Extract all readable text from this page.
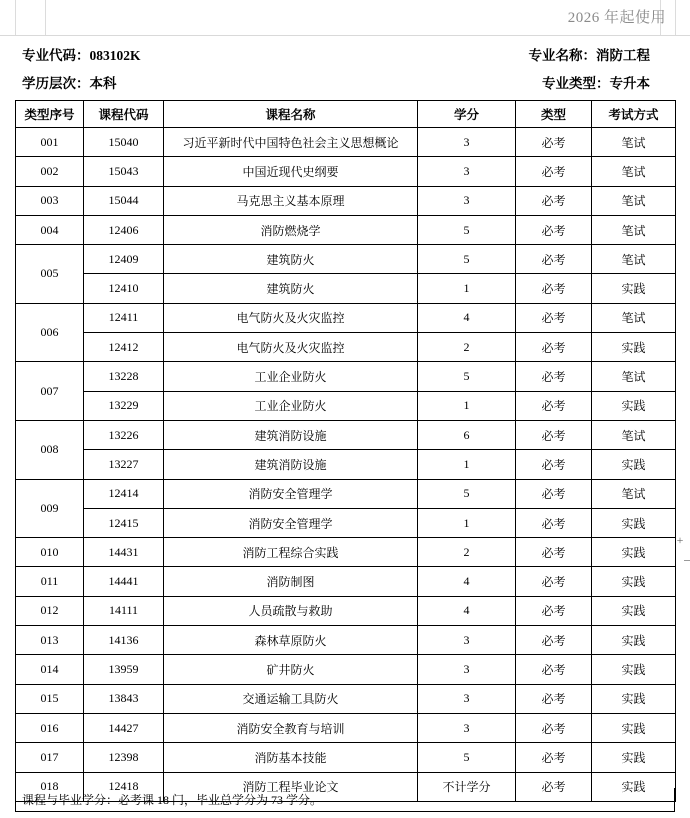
2026 年起使用
专业代码：083102K	专业名称：消防工程
学历层次：本科	专业类型：专升本
类型序号	课程代码	课程名称	学分	类型	考试方式
001	15040	习近平新时代中国特色社会主义思想概论	3	必考	笔试
002	15043	中国近现代史纲要	3	必考	笔试
003	15044	马克思主义基本原理	3	必考	笔试
004	12406	消防燃烧学	5	必考	笔试
005	12409	建筑防火	5	必考	笔试
	12410	建筑防火	1	必考	实践
006	12411	电气防火及火灾监控	4	必考	笔试
	12412	电气防火及火灾监控	2	必考	实践
007	13228	工业企业防火	5	必考	笔试
	13229	工业企业防火	1	必考	实践
008	13226	建筑消防设施	6	必考	笔试
	13227	建筑消防设施	1	必考	实践
009	12414	消防安全管理学	5	必考	笔试
	12415	消防安全管理学	1	必考	实践
010	14431	消防工程综合实践	2	必考	实践
011	14441	消防制图	4	必考	实践
012	14111	人员疏散与救助	4	必考	实践
013	14136	森林草原防火	3	必考	实践
014	13959	矿井防火	3	必考	实践
015	13843	交通运输工具防火	3	必考	实践
016	14427	消防安全教育与培训	3	必考	实践
017	12398	消防基本技能	5	必考	实践
018	12418	消防工程毕业论文	不计学分	必考	实践
课程与毕业学分：必考课 18 门，毕业总学分为 73 学分。
+
